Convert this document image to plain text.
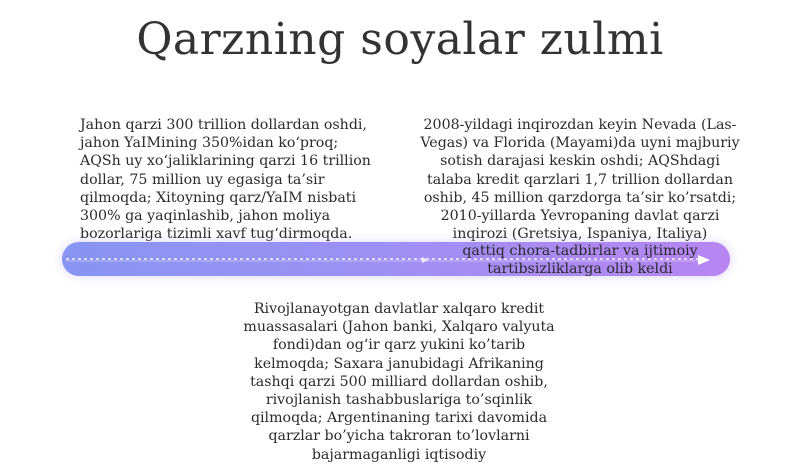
Qarzning soyalar zulmi
Jahon qarzi 300 trillion dollardan oshdi, jahon YaIMining 350%idan ko‘proq; AQSh uy xo‘jaliklarining qarzi 16 trillion dollar, 75 million uy egasiga ta’sir qilmoqda; Xitoyning qarz/YaIM nisbati 300% ga yaqinlashib, jahon moliya bozorlariga tizimli xavf tug‘dirmoqda.
2008-yildagi inqirozdan keyin Nevada (Las-Vegas) va Florida (Mayami)da uyni majburiy sotish darajasi keskin oshdi; AQShdagi talaba kredit qarzlari 1,7 trillion dollardan oshib, 45 million qarzdorga ta’sir ko’rsatdi; 2010-yillarda Yevropaning davlat qarzi inqirozi (Gretsiya, Ispaniya, Italiya)
qattiq chora-tadbirlar va ijtimoiy tartibsizliklarga olib keldi
Rivojlanayotgan davlatlar xalqaro kredit muassasalari (Jahon banki, Xalqaro valyuta fondi)dan og‘ir qarz yukini ko’tarib kelmoqda; Saxara janubidagi Afrikaning tashqi qarzi 500 milliard dollardan oshib, rivojlanish tashabbuslariga to’sqinlik qilmoqda; Argentinaning tarixi davomida qarzlar bo’yicha takroran to’lovlarni bajarmaganligi iqtisodiy
